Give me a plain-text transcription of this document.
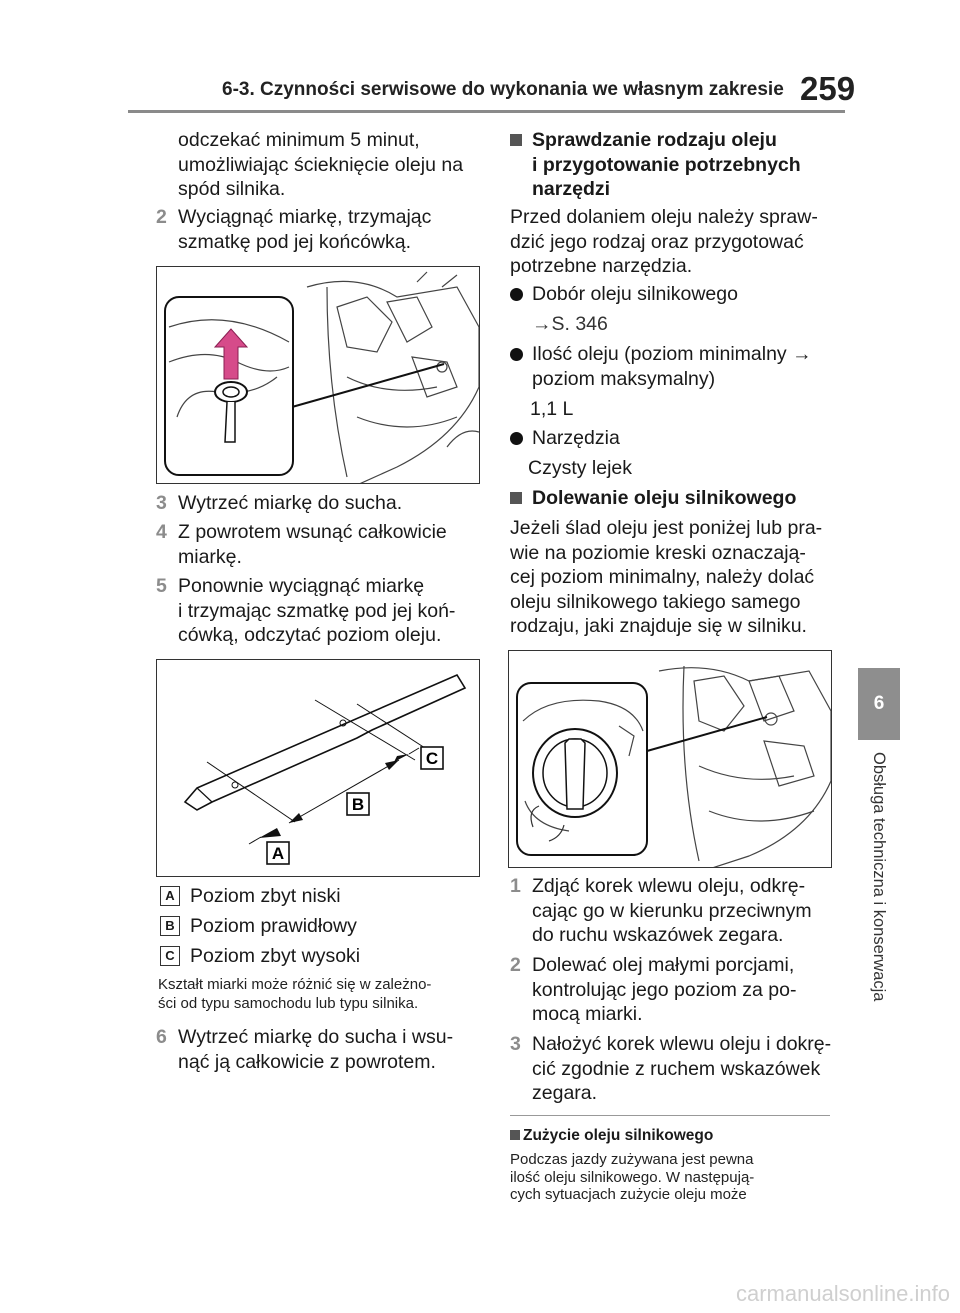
6-3. Czynności serwisowe do wykonania we własnym zakresie 259
6
Obsługa techniczna i konserwacja
odczekać minimum 5 minut,
umożliwiając ścieknięcie oleju na
spód silnika.
2 Wyciągnąć miarkę, trzymając
szmatkę pod jej końcówką.
3 Wytrzeć miarkę do sucha.
4 Z powrotem wsunąć całkowicie
miarkę.
5 Ponownie wyciągnąć miarkę
i trzymając szmatkę pod jej koń-
cówką, odczytać poziom oleju.
A
B
C
A Poziom zbyt niski
B Poziom prawidłowy
C Poziom zbyt wysoki
Kształt miarki może różnić się w zależno-
ści od typu samochodu lub typu silnika.
6 Wytrzeć miarkę do sucha i wsu-
nąć ją całkowicie z powrotem.
Sprawdzanie rodzaju oleju
i przygotowanie potrzebnych
narzędzi
Przed dolaniem oleju należy spraw-
dzić jego rodzaj oraz przygotować
potrzebne narzędzia.
Dobór oleju silnikowego
→S. 346
Ilość oleju (poziom minimalny →
poziom maksymalny)
1,1 L
Narzędzia
Czysty lejek
Dolewanie oleju silnikowego
Jeżeli ślad oleju jest poniżej lub pra-
wie na poziomie kreski oznaczają-
cej poziom minimalny, należy dolać
oleju silnikowego takiego samego
rodzaju, jaki znajduje się w silniku.
1 Zdjąć korek wlewu oleju, odkrę-
cając go w kierunku przeciwnym
do ruchu wskazówek zegara.
2 Dolewać olej małymi porcjami,
kontrolując jego poziom za po-
mocą miarki.
3 Nałożyć korek wlewu oleju i dokrę-
cić zgodnie z ruchem wskazówek
zegara.
Zużycie oleju silnikowego
Podczas jazdy zużywana jest pewna
ilość oleju silnikowego. W następują-
cych sytuacjach zużycie oleju może
carmanualsonline.info
